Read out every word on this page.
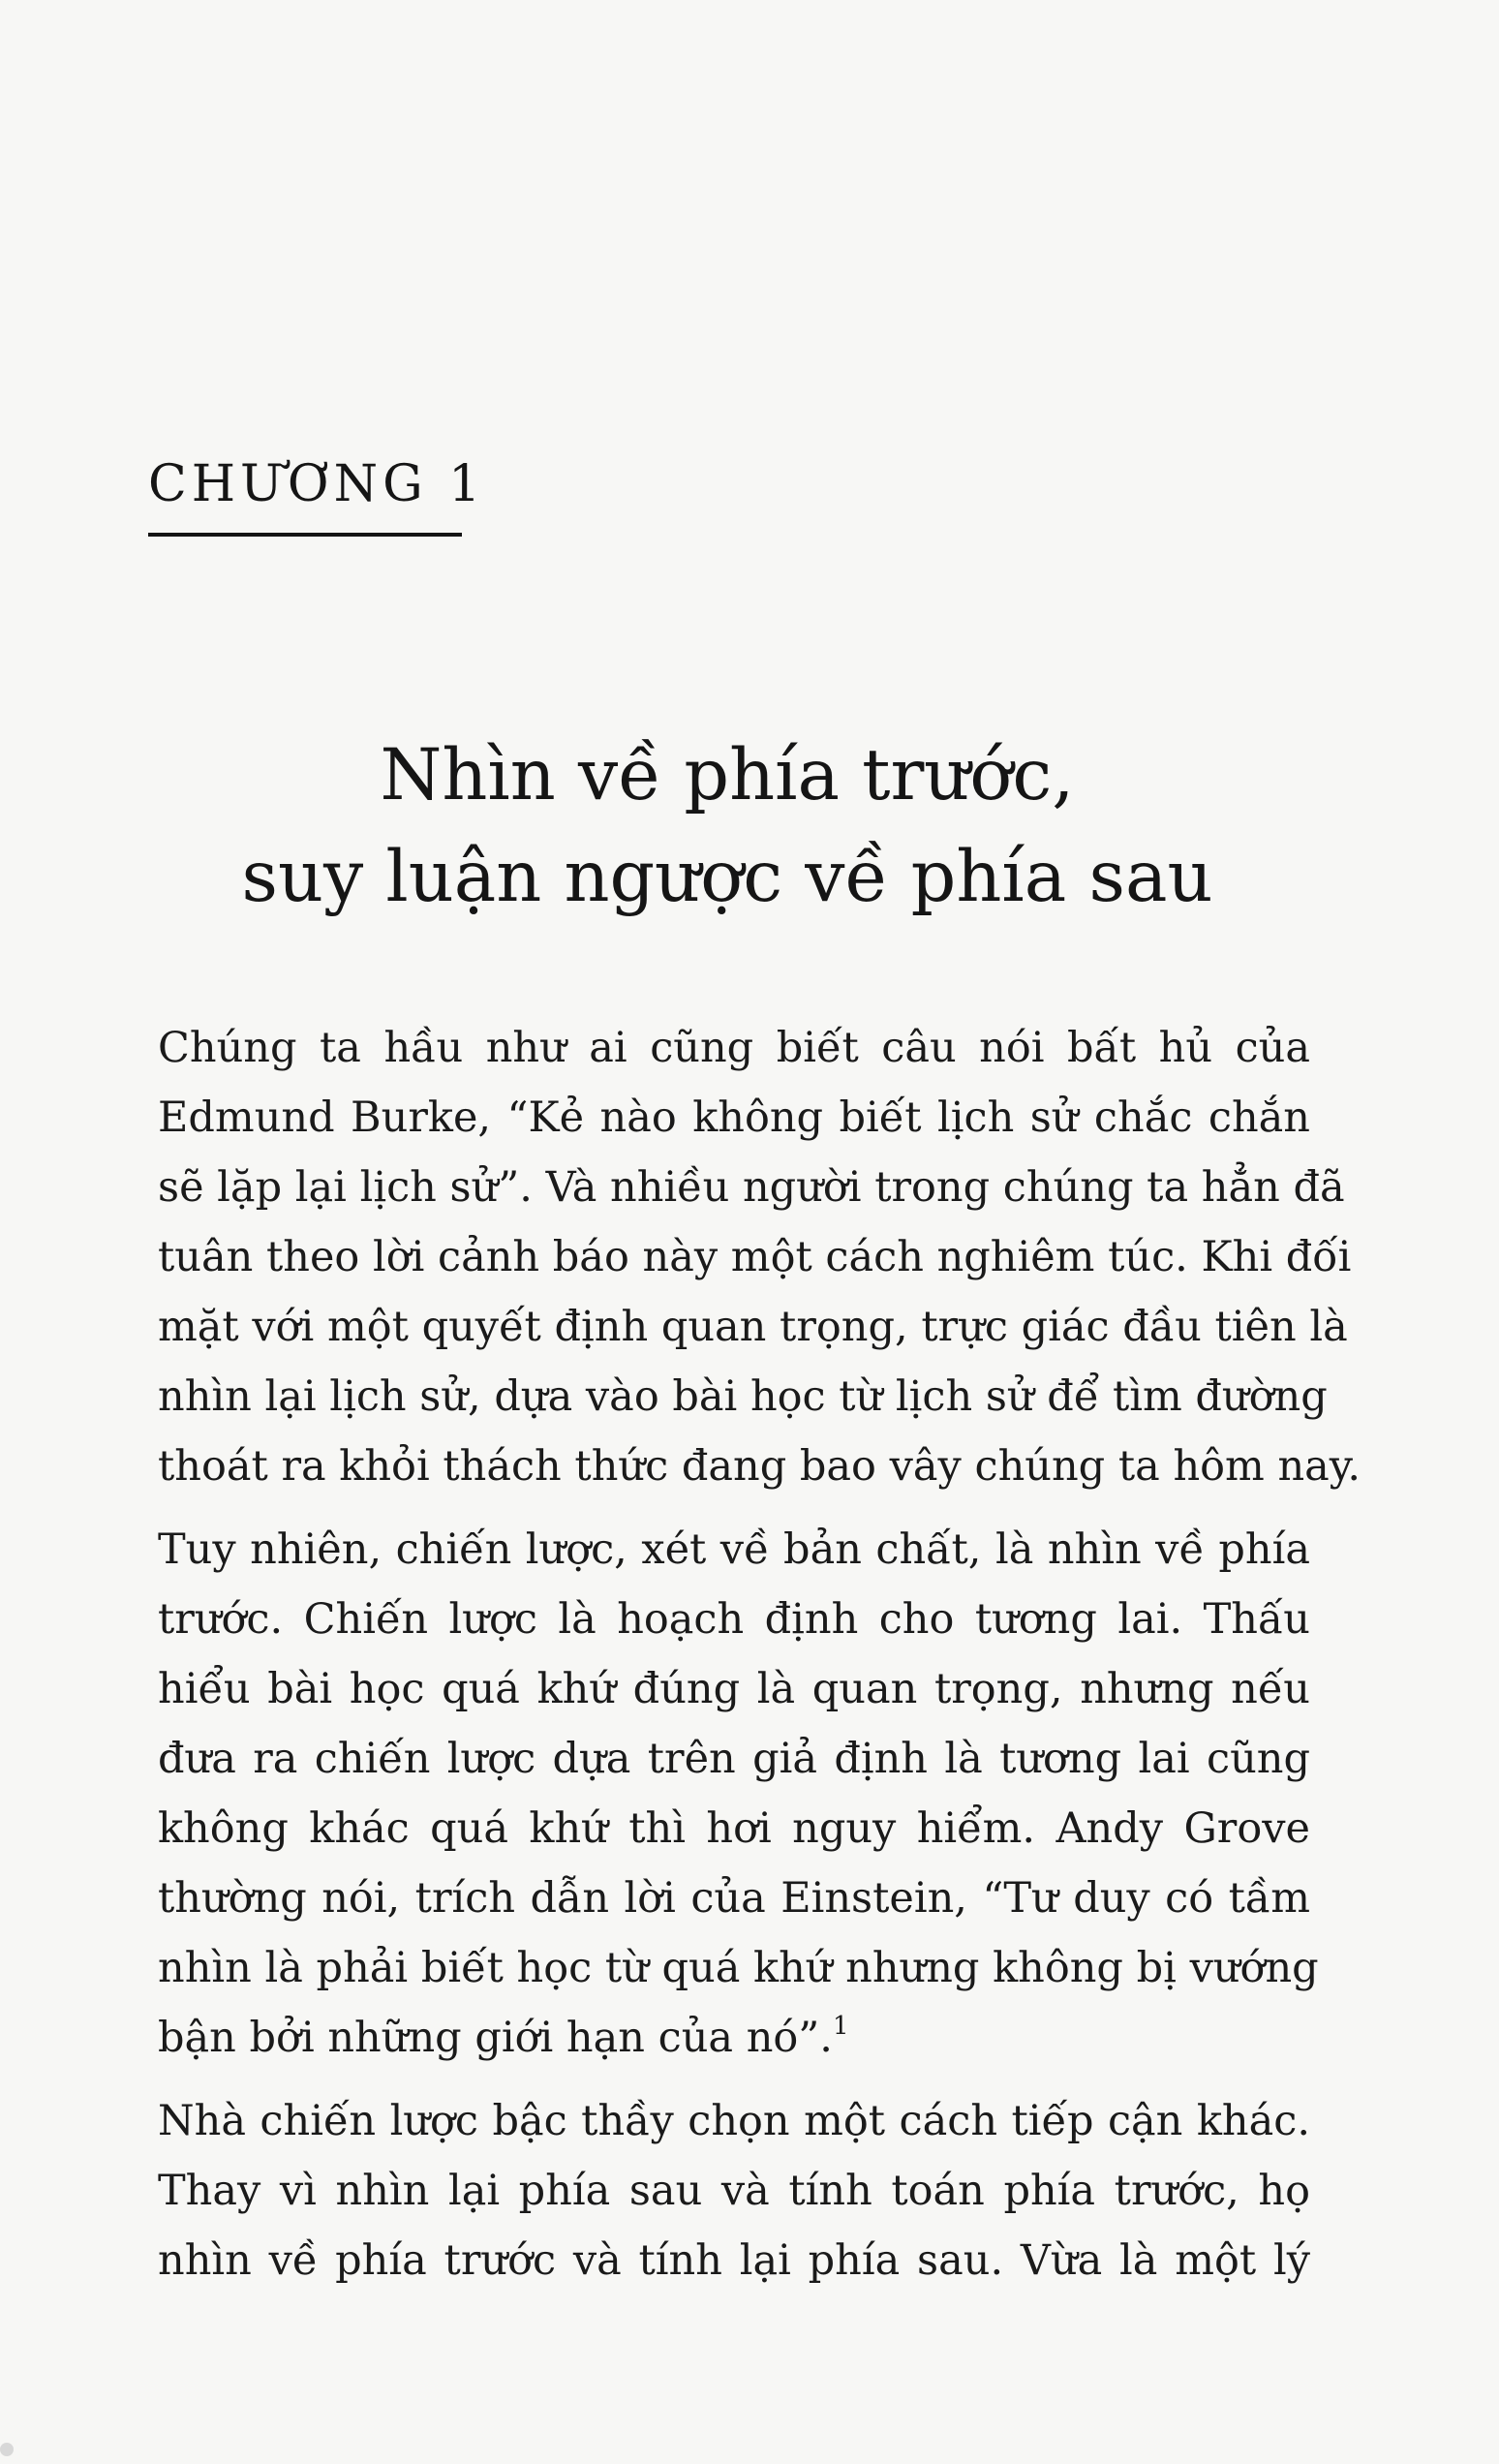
CHƯƠNG 1
Nhìn về phía trước,
suy luận ngược về phía sau

Chúng ta hầu như ai cũng biết câu nói bất hủ của
Edmund Burke, “Kẻ nào không biết lịch sử chắc chắn
sẽ lặp lại lịch sử”. Và nhiều người trong chúng ta hẳn đã
tuân theo lời cảnh báo này một cách nghiêm túc. Khi đối
mặt với một quyết định quan trọng, trực giác đầu tiên là
nhìn lại lịch sử, dựa vào bài học từ lịch sử để tìm đường
thoát ra khỏi thách thức đang bao vây chúng ta hôm nay.

Tuy nhiên, chiến lược, xét về bản chất, là nhìn về phía
trước. Chiến lược là hoạch định cho tương lai. Thấu
hiểu bài học quá khứ đúng là quan trọng, nhưng nếu
đưa ra chiến lược dựa trên giả định là tương lai cũng
không khác quá khứ thì hơi nguy hiểm. Andy Grove
thường nói, trích dẫn lời của Einstein, “Tư duy có tầm
nhìn là phải biết học từ quá khứ nhưng không bị vướng
bận bởi những giới hạn của nó”.$^1$

Nhà chiến lược bậc thầy chọn một cách tiếp cận khác.
Thay vì nhìn lại phía sau và tính toán phía trước, họ
nhìn về phía trước và tính lại phía sau. Vừa là một lý
